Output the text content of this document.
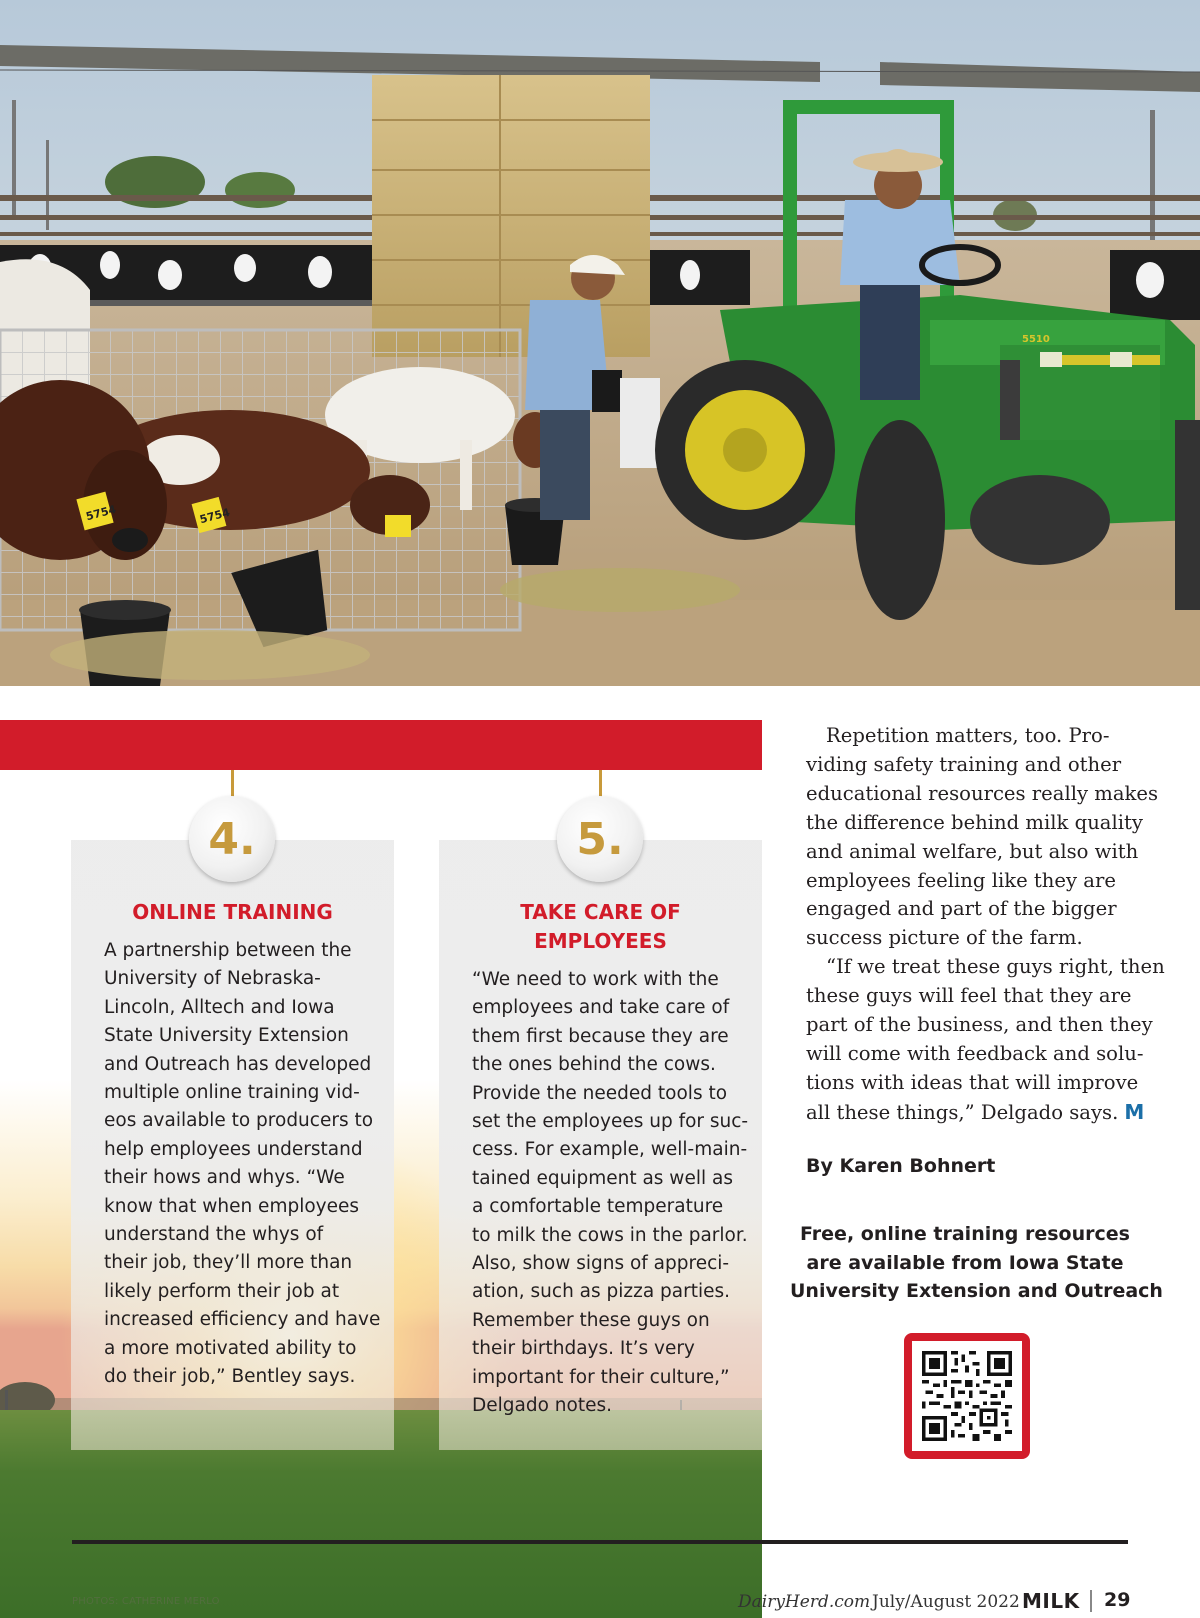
5754	5754
5510
4.
ONLINE TRAINING
A partnership between the
University of Nebraska-
Lincoln, Alltech and Iowa
State University Extension
and Outreach has developed
multiple online training vid-
eos available to producers to
help employees understand
their hows and whys. “We
know that when employees
understand the whys of
their job, they’ll more than
likely perform their job at
increased efficiency and have
a more motivated ability to
do their job,” Bentley says.
5.
TAKE CARE OF
EMPLOYEES
“We need to work with the
employees and take care of
them first because they are
the ones behind the cows.
Provide the needed tools to
set the employees up for suc-
cess. For example, well-main-
tained equipment as well as
a comfortable temperature
to milk the cows in the parlor.
Also, show signs of appreci-
ation, such as pizza parties.
Remember these guys on
their birthdays. It’s very
important for their culture,”
Delgado notes.
Repetition matters, too. Pro-
viding safety training and other
educational resources really makes
the difference behind milk quality
and animal welfare, but also with
employees feeling like they are
engaged and part of the bigger
success picture of the farm.
“If we treat these guys right, then
these guys will feel that they are
part of the business, and then they
will come with feedback and solu-
tions with ideas that will improve
all these things,” Delgado says. M
By Karen Bohnert
Free, online training resources
are available from Iowa State
University Extension and Outreach
PHOTOS: CATHERINE MERLO	DairyHerd.com July/August 2022 MILK 29
